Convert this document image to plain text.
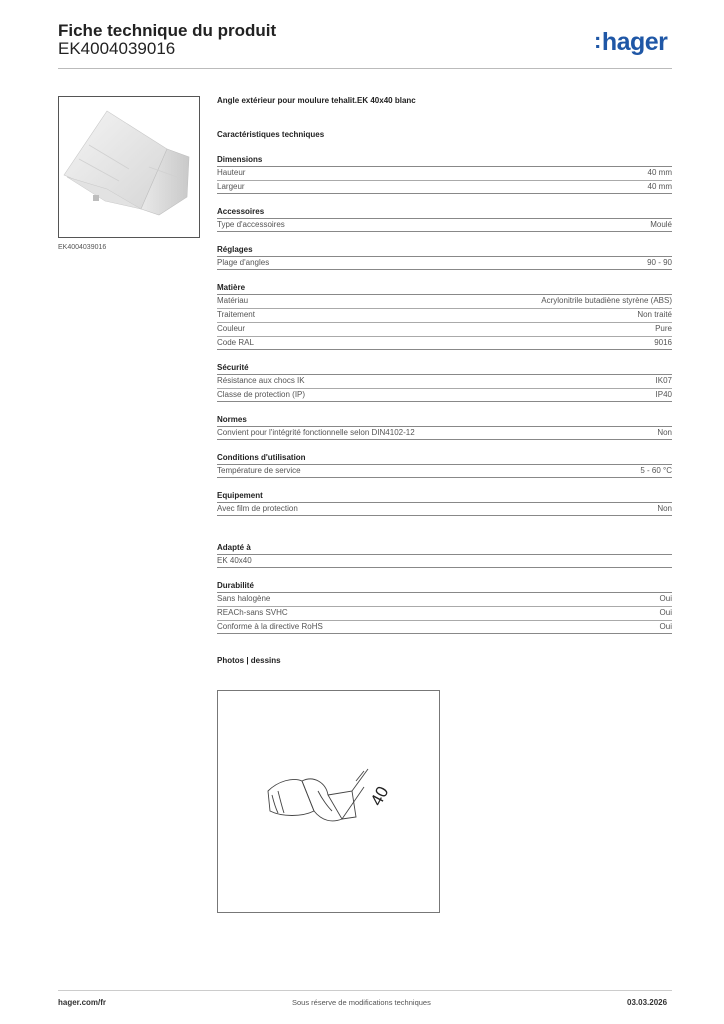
Fiche technique du produit
EK4004039016	:hager
EK4004039016
Angle extérieur pour moulure tehalit.EK 40x40 blanc
Caractéristiques techniques
Dimensions
Hauteur	40 mm
Largeur	40 mm
Accessoires
Type d'accessoires	Moulé
Réglages
Plage d'angles	90 - 90
Matière
Matériau	Acrylonitrile butadiène styrène (ABS)
Traitement	Non traité
Couleur	Pure
Code RAL	9016
Sécurité
Résistance aux chocs IK	IK07
Classe de protection (IP)	IP40
Normes
Convient pour l'intégrité fonctionnelle selon DIN4102-12	Non
Conditions d'utilisation
Température de service	5 - 60 °C
Equipement
Avec film de protection	Non
Adapté à
EK 40x40
Durabilité
Sans halogène	Oui
REACh-sans SVHC	Oui
Conforme à la directive RoHS	Oui
Photos | dessins
40
hager.com/fr	Sous réserve de modifications techniques	03.03.2026
